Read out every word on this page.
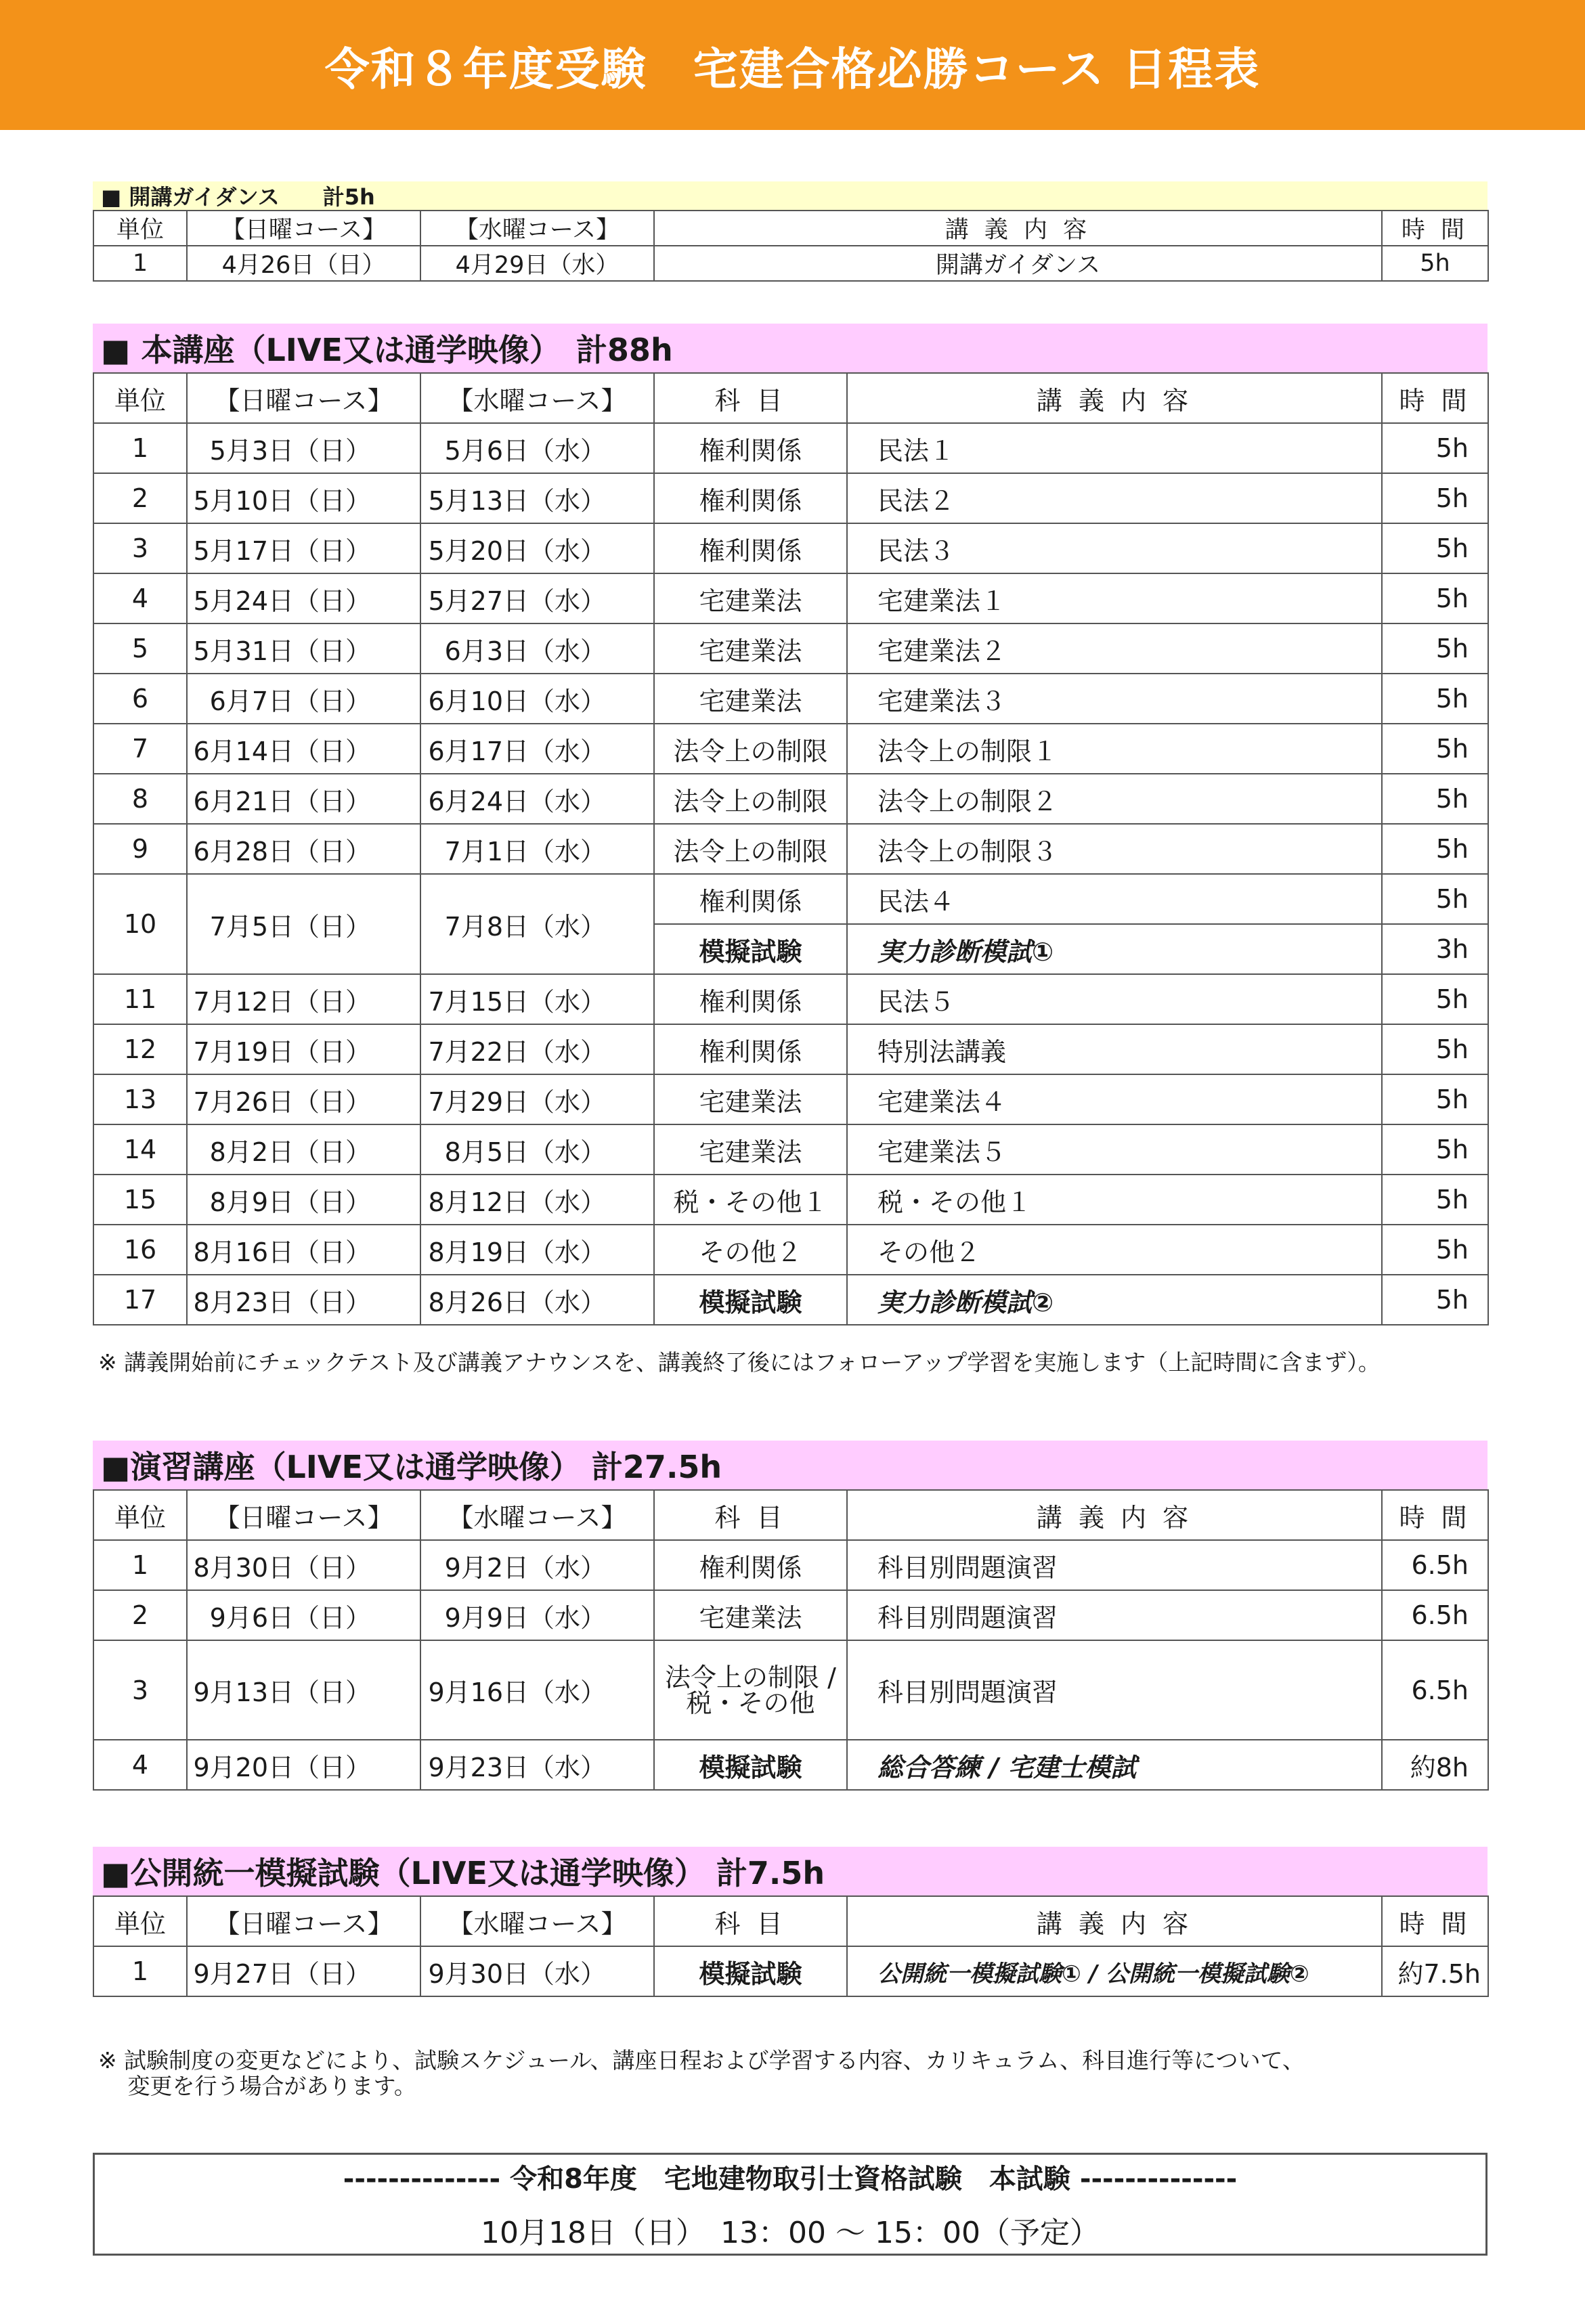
令和８年度受験　宅建合格必勝コース 日程表
■ 開講ガイダンス　　計5h
単位	【日曜コース】	【水曜コース】	講 義 内 容	時 間
1	4月26日（日）	4月29日（水）	開講ガイダンス	5h
■ 本講座（LIVE又は通学映像）　計88h
単位	【日曜コース】	【水曜コース】	科 目	講 義 内 容	時 間
1	5月3日（日）	5月6日（水）	権利関係	民法１	5h
2	5月10日（日）	5月13日（水）	権利関係	民法２	5h
3	5月17日（日）	5月20日（水）	権利関係	民法３	5h
4	5月24日（日）	5月27日（水）	宅建業法	宅建業法１	5h
5	5月31日（日）	6月3日（水）	宅建業法	宅建業法２	5h
6	6月7日（日）	6月10日（水）	宅建業法	宅建業法３	5h
7	6月14日（日）	6月17日（水）	法令上の制限	法令上の制限１	5h
8	6月21日（日）	6月24日（水）	法令上の制限	法令上の制限２	5h
9	6月28日（日）	7月1日（水）	法令上の制限	法令上の制限３	5h
10	7月5日（日）	7月8日（水）	権利関係	民法４	5h
			模擬試験	実力診断模試①	3h
11	7月12日（日）	7月15日（水）	権利関係	民法５	5h
12	7月19日（日）	7月22日（水）	権利関係	特別法講義	5h
13	7月26日（日）	7月29日（水）	宅建業法	宅建業法４	5h
14	8月2日（日）	8月5日（水）	宅建業法	宅建業法５	5h
15	8月9日（日）	8月12日（水）	税・その他１	税・その他１	5h
16	8月16日（日）	8月19日（水）	その他２	その他２	5h
17	8月23日（日）	8月26日（水）	模擬試験	実力診断模試②	5h
※ 講義開始前にチェックテスト及び講義アナウンスを、講義終了後にはフォローアップ学習を実施します（上記時間に含まず）。
■演習講座（LIVE又は通学映像） 計27.5h
単位	【日曜コース】	【水曜コース】	科 目	講 義 内 容	時 間
1	8月30日（日）	9月2日（水）	権利関係	科目別問題演習	6.5h
2	9月6日（日）	9月9日（水）	宅建業法	科目別問題演習	6.5h
3	9月13日（日）	9月16日（水）	法令上の制限 /税・その他	科目別問題演習	6.5h
4	9月20日（日）	9月23日（水）	模擬試験	総合答練 / 宅建士模試	約8h
■公開統一模擬試験（LIVE又は通学映像） 計7.5h
単位	【日曜コース】	【水曜コース】	科 目	講 義 内 容	時 間
1	9月27日（日）	9月30日（水）	模擬試験	公開統一模擬試験① / 公開統一模擬試験②	約7.5h
※ 試験制度の変更などにより、試験スケジュール、講座日程および学習する内容、カリキュラム、科目進行等について、
　 変更を行う場合があります。
-------------- 令和8年度　宅地建物取引士資格試験　本試験 --------------
10月18日（日）　13：00 ～ 15：00（予定）
